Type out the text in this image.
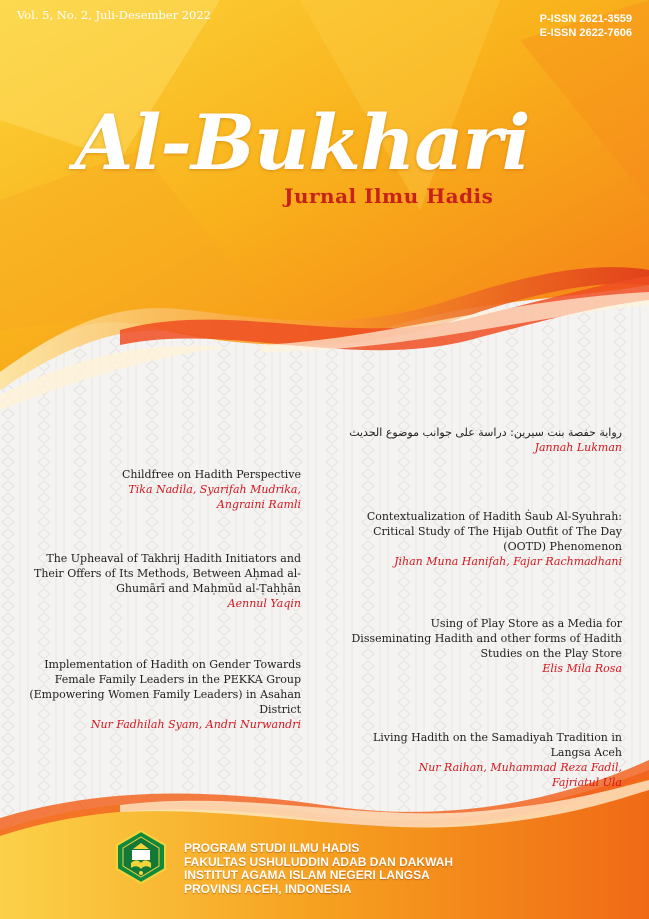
Vol. 5, No. 2, Juli-Desember 2022	P-ISSN 2621-3559
E-ISSN 2622-7606
Al-Bukhari
Jurnal Ilmu Hadis
رواية حفصة بنت سيرين: دراسة على جوانب موضوع الحديث
Jannah Lukman
Childfree on Hadith Perspective
Tika Nadila, Syarifah Mudrika, Angraini Ramli
Contextualization of Hadith Ṡaub Al-Syuhrah: Critical Study of The Hijab Outfit of The Day (OOTD) Phenomenon
Jihan Muna Hanifah, Fajar Rachmadhani
The Upheaval of Takhrij Hadith Initiators and Their Offers of Its Methods, Between Aḥmad al-Ghumārī and Maḥmūd al-Ṭaḥḥān
Aennul Yaqin
Using of Play Store as a Media for Disseminating Hadith and other forms of Hadith Studies on the Play Store
Elis Mila Rosa
Implementation of Hadith on Gender Towards Female Family Leaders in the PEKKA Group (Empowering Women Family Leaders) in Asahan District
Nur Fadhilah Syam, Andri Nurwandri
Living Hadith on the Samadiyah Tradition in Langsa Aceh
Nur Raihan, Muhammad Reza Fadil, Fajriatul Ula
PROGRAM STUDI ILMU HADIS
FAKULTAS USHULUDDIN ADAB DAN DAKWAH
INSTITUT AGAMA ISLAM NEGERI LANGSA
PROVINSI ACEH, INDONESIA
